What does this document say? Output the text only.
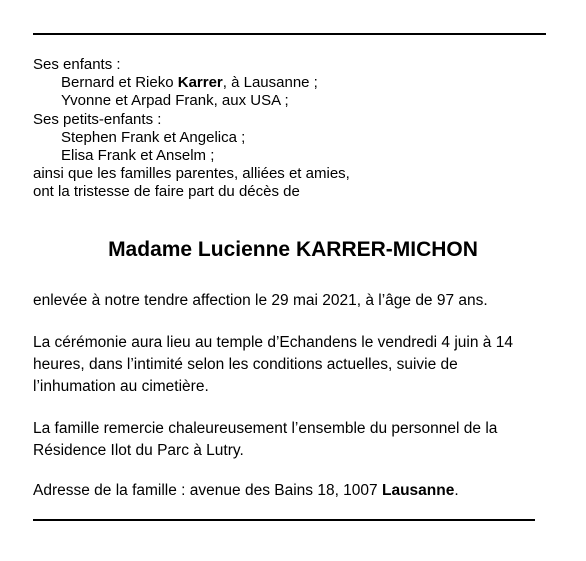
Ses enfants :
Bernard et Rieko Karrer, à Lausanne ;
Yvonne et Arpad Frank, aux USA ;
Ses petits-enfants :
Stephen Frank et Angelica ;
Elisa Frank et Anselm ;
ainsi que les familles parentes, alliées et amies,
ont la tristesse de faire part du décès de
Madame Lucienne KARRER-MICHON

enlevée à notre tendre affection le 29 mai 2021, à l’âge de 97 ans.

La cérémonie aura lieu au temple d’Echandens le vendredi 4 juin à 14 heures, dans l’intimité selon les conditions actuelles, suivie de l’inhumation au cimetière.

La famille remercie chaleureusement l’ensemble du personnel de la Résidence Ilot du Parc à Lutry.

Adresse de la famille : avenue des Bains 18, 1007 Lausanne.
